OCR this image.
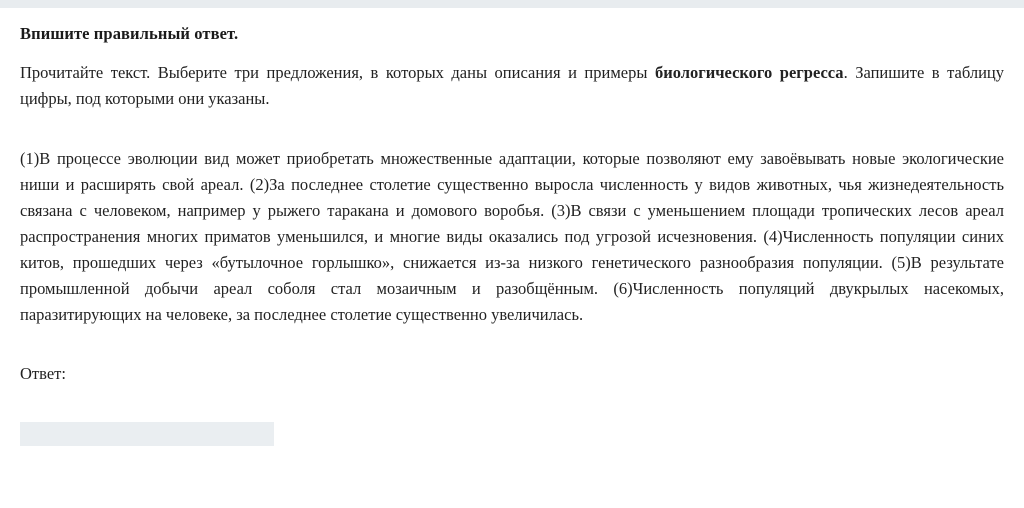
Впишите правильный ответ.

Прочитайте текст. Выберите три предложения, в которых даны описания и примеры биологического регресса. Запишите в таблицу цифры, под которыми они указаны.

(1)В процессе эволюции вид может приобретать множественные адаптации, которые позволяют ему завоёвывать новые экологические ниши и расширять свой ареал. (2)За последнее столетие существенно выросла численность у видов животных, чья жизнедеятельность связана с человеком, например у рыжего таракана и домового воробья. (3)В связи с уменьшением площади тропических лесов ареал распространения многих приматов уменьшился, и многие виды оказались под угрозой исчезновения. (4)Численность популяции синих китов, прошедших через «бутылочное горлышко», снижается из-за низкого генетического разнообразия популяции. (5)В результате промышленной добычи ареал соболя стал мозаичным и разобщённым. (6)Численность популяций двукрылых насекомых, паразитирующих на человеке, за последнее столетие существенно увеличилась.

Ответ:
